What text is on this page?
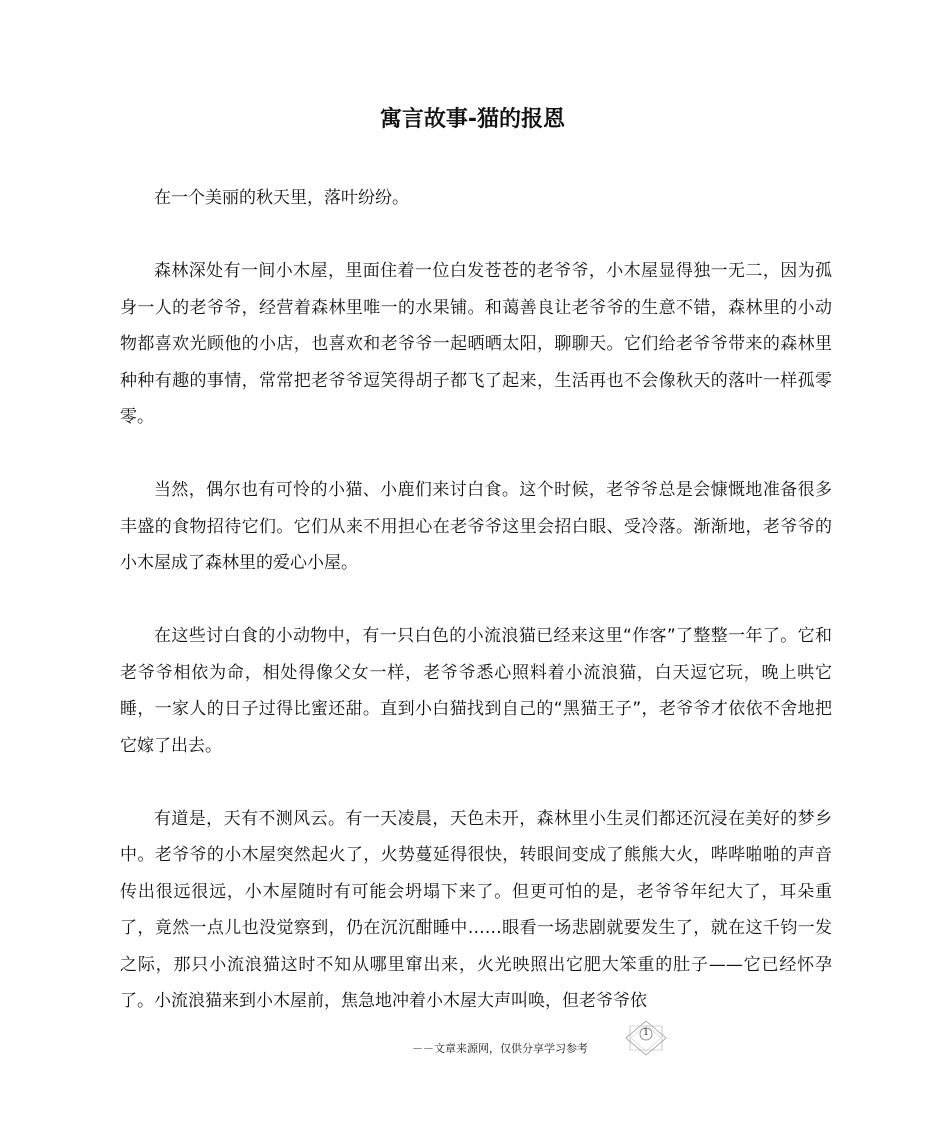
寓言故事-猫的报恩

在一个美丽的秋天里，落叶纷纷。

森林深处有一间小木屋，里面住着一位白发苍苍的老爷爷，小木屋显得独一无二，因为孤身一人的老爷爷，经营着森林里唯一的水果铺。和蔼善良让老爷爷的生意不错，森林里的小动物都喜欢光顾他的小店，也喜欢和老爷爷一起晒晒太阳，聊聊天。它们给老爷爷带来的森林里种种有趣的事情，常常把老爷爷逗笑得胡子都飞了起来，生活再也不会像秋天的落叶一样孤零零。

当然，偶尔也有可怜的小猫、小鹿们来讨白食。这个时候，老爷爷总是会慷慨地准备很多丰盛的食物招待它们。它们从来不用担心在老爷爷这里会招白眼、受冷落。渐渐地，老爷爷的小木屋成了森林里的爱心小屋。

在这些讨白食的小动物中，有一只白色的小流浪猫已经来这里“作客”了整整一年了。它和老爷爷相依为命，相处得像父女一样，老爷爷悉心照料着小流浪猫，白天逗它玩，晚上哄它睡，一家人的日子过得比蜜还甜。直到小白猫找到自己的“黑猫王子”，老爷爷才依依不舍地把它嫁了出去。

有道是，天有不测风云。有一天凌晨，天色未开，森林里小生灵们都还沉浸在美好的梦乡中。老爷爷的小木屋突然起火了，火势蔓延得很快，转眼间变成了熊熊大火，哔哔啪啪的声音传出很远很远，小木屋随时有可能会坍塌下来了。但更可怕的是，老爷爷年纪大了，耳朵重了，竟然一点儿也没觉察到，仍在沉沉酣睡中……眼看一场悲剧就要发生了，就在这千钧一发之际，那只小流浪猫这时不知从哪里窜出来，火光映照出它肥大笨重的肚子——它已经怀孕了。小流浪猫来到小木屋前，焦急地冲着小木屋大声叫唤，但老爷爷依

－－文章来源网，仅供分享学习参考
1
